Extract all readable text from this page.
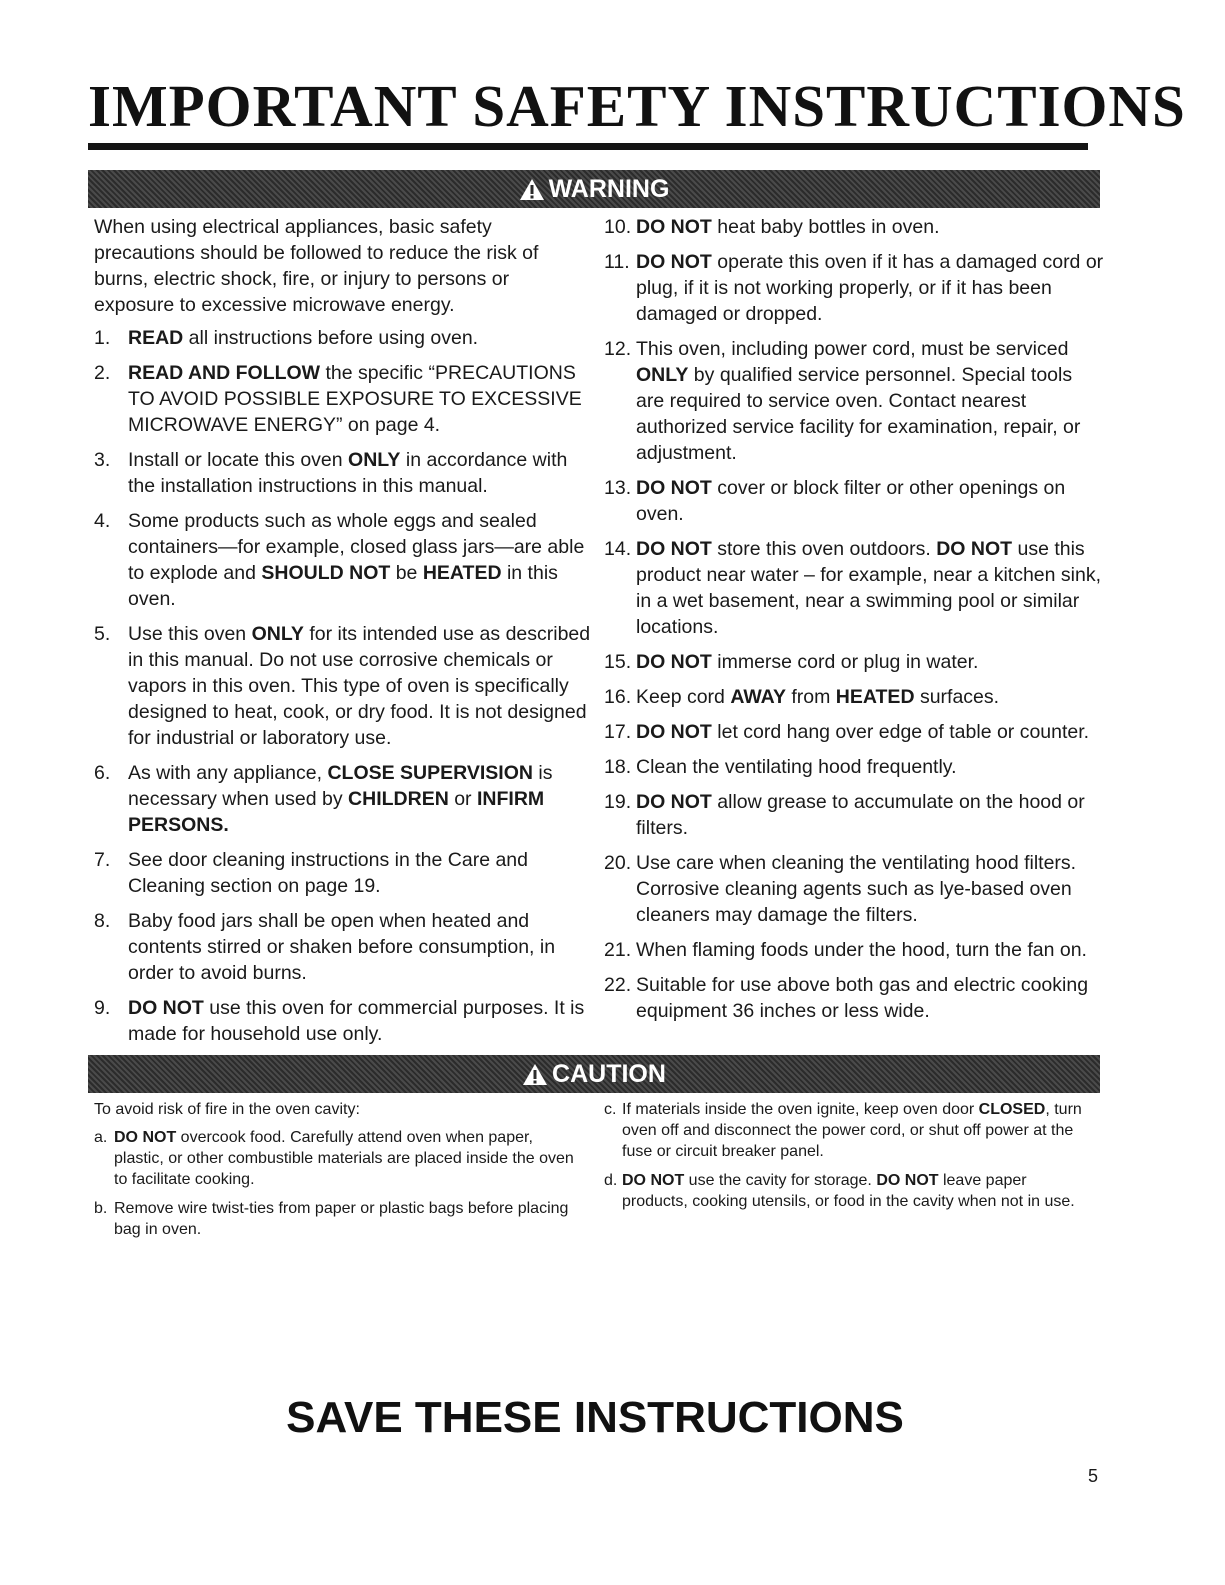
IMPORTANT SAFETY INSTRUCTIONS
WARNING

When using electrical appliances, basic safety precautions should be followed to reduce the risk of burns, electric shock, fire, or injury to persons or exposure to excessive microwave energy.

1. READ all instructions before using oven.
2. READ AND FOLLOW the specific “PRECAUTIONS TO AVOID POSSIBLE EXPOSURE TO EXCESSIVE MICROWAVE ENERGY” on page 4.
3. Install or locate this oven ONLY in accordance with the installation instructions in this manual.
4. Some products such as whole eggs and sealed containers—for example, closed glass jars—are able to explode and SHOULD NOT be HEATED in this oven.
5. Use this oven ONLY for its intended use as described in this manual. Do not use corrosive chemicals or vapors in this oven. This type of oven is specifically designed to heat, cook, or dry food. It is not designed for industrial or laboratory use.
6. As with any appliance, CLOSE SUPERVISION is necessary when used by CHILDREN or INFIRM PERSONS.
7. See door cleaning instructions in the Care and Cleaning section on page 19.
8. Baby food jars shall be open when heated and contents stirred or shaken before consumption, in order to avoid burns.
9. DO NOT use this oven for commercial purposes. It is made for household use only.
10. DO NOT heat baby bottles in oven.
11. DO NOT operate this oven if it has a damaged cord or plug, if it is not working properly, or if it has been damaged or dropped.
12. This oven, including power cord, must be serviced ONLY by qualified service personnel. Special tools are required to service oven. Contact nearest authorized service facility for examination, repair, or adjustment.
13. DO NOT cover or block filter or other openings on oven.
14. DO NOT store this oven outdoors. DO NOT use this product near water – for example, near a kitchen sink, in a wet basement, near a swimming pool or similar locations.
15. DO NOT immerse cord or plug in water.
16. Keep cord AWAY from HEATED surfaces.
17. DO NOT let cord hang over edge of table or counter.
18. Clean the ventilating hood frequently.
19. DO NOT allow grease to accumulate on the hood or filters.
20. Use care when cleaning the ventilating hood filters. Corrosive cleaning agents such as lye-based oven cleaners may damage the filters.
21. When flaming foods under the hood, turn the fan on.
22. Suitable for use above both gas and electric cooking equipment 36 inches or less wide.
CAUTION

To avoid risk of fire in the oven cavity:

a. DO NOT overcook food. Carefully attend oven when paper, plastic, or other combustible materials are placed inside the oven to facilitate cooking.
b. Remove wire twist-ties from paper or plastic bags before placing bag in oven.
c. If materials inside the oven ignite, keep oven door CLOSED, turn oven off and disconnect the power cord, or shut off power at the fuse or circuit breaker panel.
d. DO NOT use the cavity for storage. DO NOT leave paper products, cooking utensils, or food in the cavity when not in use.
SAVE THESE INSTRUCTIONS
5
